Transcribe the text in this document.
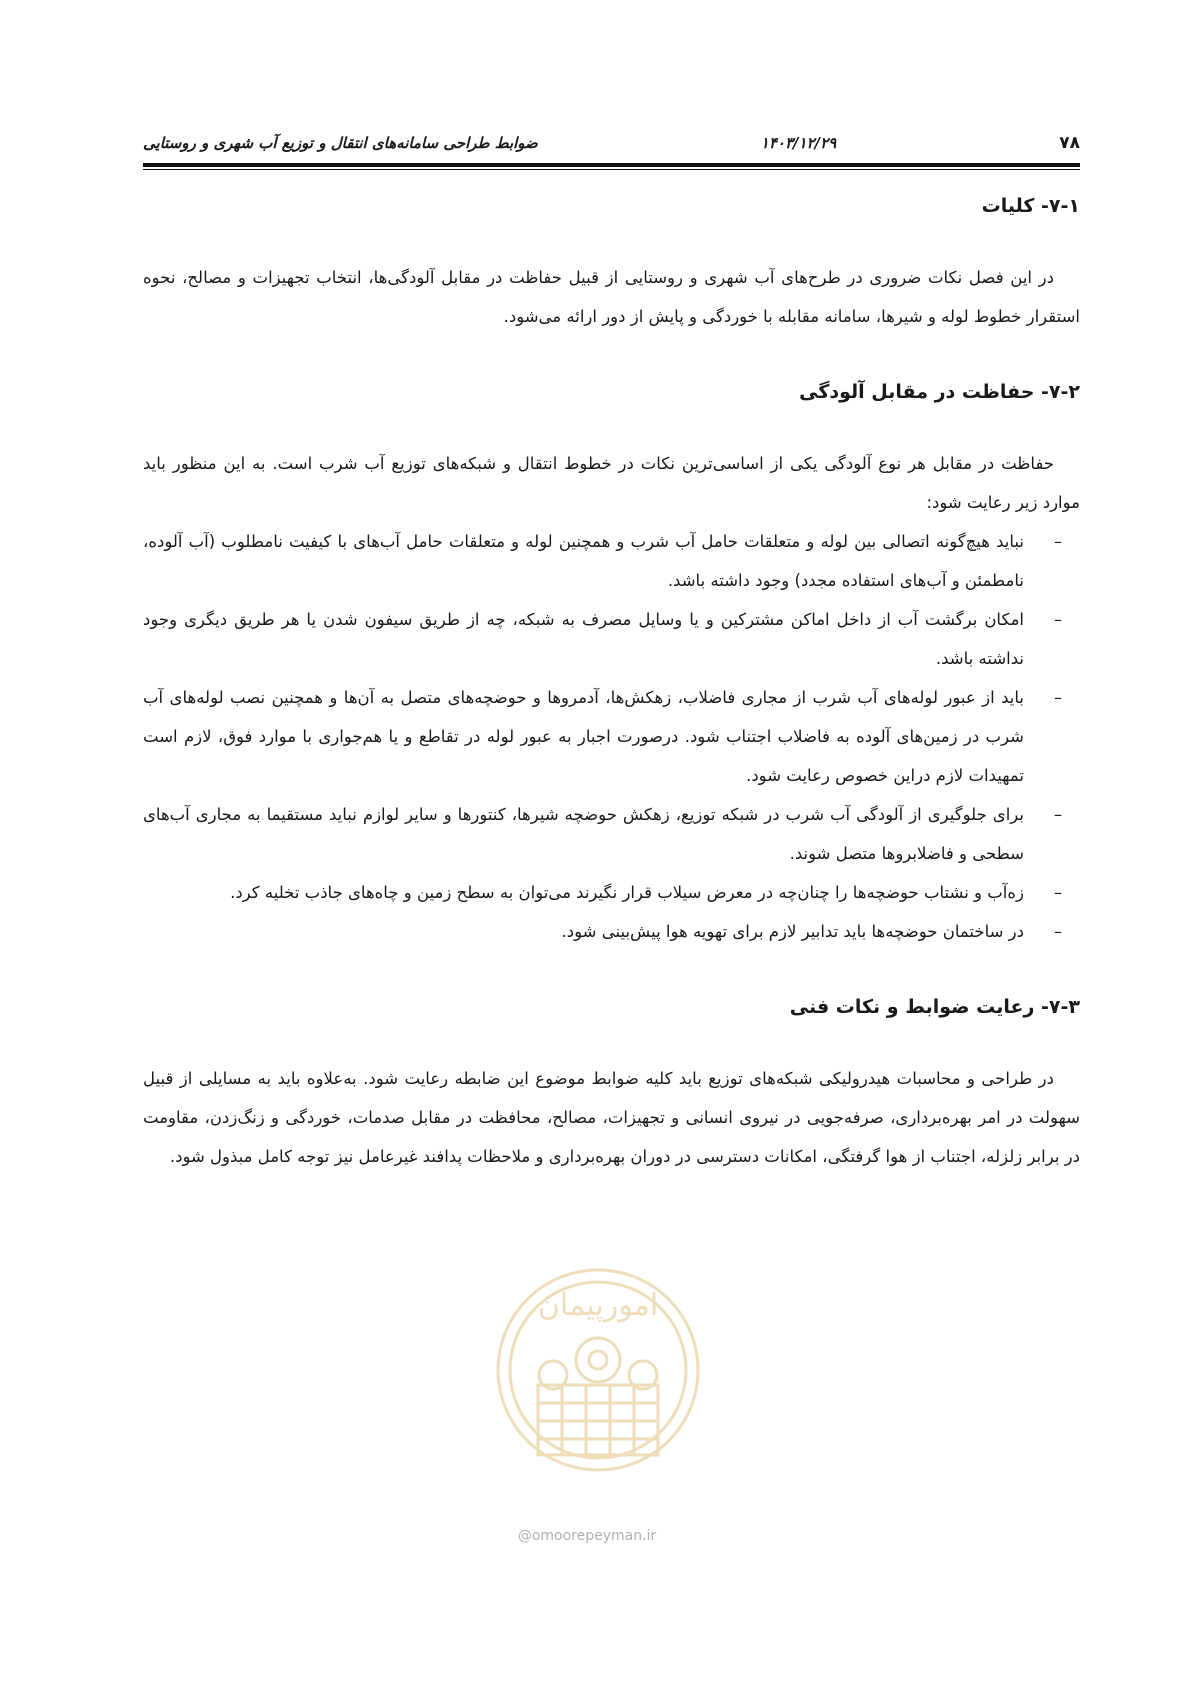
۷۸
۱۴۰۳/۱۲/۲۹
ضوابط طراحی سامانه‌های انتقال و توزیع آب شهری و روستایی
۷-۱- کلیات

در این فصل نکات ضروری در طرح‌های آب شهری و روستایی از قبیل حفاظت در مقابل آلودگی‌ها، انتخاب تجهیزات و مصالح، نحوه استقرار خطوط لوله و شیرها، سامانه مقابله با خوردگی و پایش از دور ارائه می‌شود.

۷-۲- حفاظت در مقابل آلودگی

حفاظت در مقابل هر نوع آلودگی یکی از اساسی‌ترین نکات در خطوط انتقال و شبکه‌های توزیع آب شرب است. به این منظور باید موارد زیر رعایت شود:

–
نباید هیچ‌گونه اتصالی بین لوله و متعلقات حامل آب شرب و همچنین لوله و متعلقات حامل آب‌های با کیفیت نامطلوب (آب آلوده، نامطمئن و آب‌های استفاده مجدد) وجود داشته باشد.
–
امکان برگشت آب از داخل اماکن مشترکین و یا وسایل مصرف به شبکه، چه از طریق سیفون شدن یا هر طریق دیگری وجود نداشته باشد.
–
باید از عبور لوله‌های آب شرب از مجاری فاضلاب، زهکش‌ها، آدمروها و حوضچه‌های متصل به آن‌ها و همچنین نصب لوله‌های آب شرب در زمین‌های آلوده به فاضلاب اجتناب شود. درصورت اجبار به عبور لوله در تقاطع و یا هم‌جواری با موارد فوق، لازم است تمهیدات لازم دراین خصوص رعایت شود.
–
برای جلوگیری از آلودگی آب شرب در شبکه توزیع، زهکش حوضچه شیرها، کنتورها و سایر لوازم نباید مستقیما به مجاری آب‌های سطحی و فاضلابروها متصل شوند.
–
زه‌آب و نشتاب حوضچه‌ها را چنان‌چه در معرض سیلاب قرار نگیرند می‌توان به سطح زمین و چاه‌های جاذب تخلیه کرد.
–
در ساختمان حوضچه‌ها باید تدابیر لازم برای تهویه هوا پیش‌بینی شود.
۷-۳- رعایت ضوابط و نکات فنی

در طراحی و محاسبات هیدرولیکی شبکه‌های توزیع باید کلیه ضوابط موضوع این ضابطه رعایت شود. به‌علاوه باید به مسایلی از قبیل سهولت در امر بهره‌برداری، صرفه‌جویی در نیروی انسانی و تجهیزات، مصالح، محافظت در مقابل صدمات، خوردگی و زنگ‌زدن، مقاومت در برابر زلزله، اجتناب از هوا گرفتگی، امکانات دسترسی در دوران بهره‌برداری و ملاحظات پدافند غیرعامل نیز توجه کامل مبذول شود.

امورپیمان
@omoorepeyman.ir
